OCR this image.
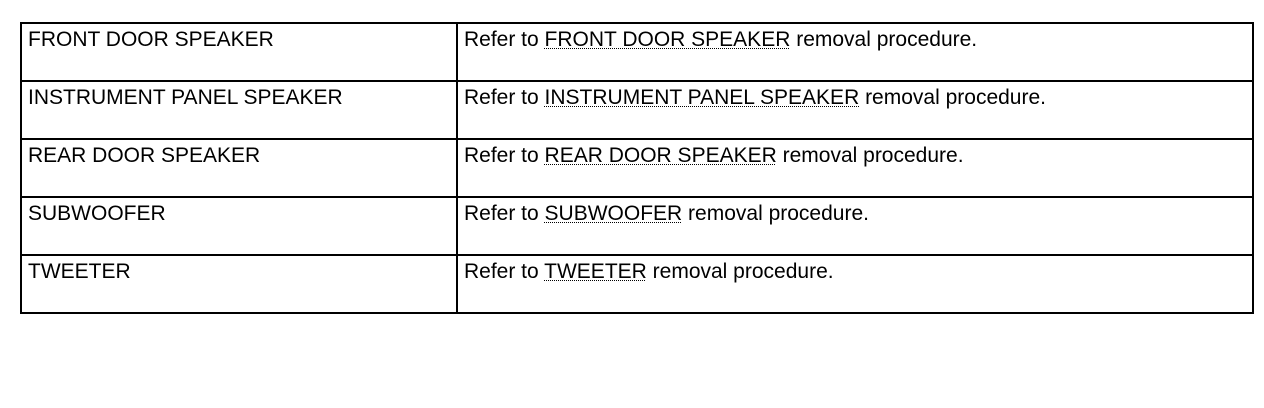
FRONT DOOR SPEAKER	Refer to FRONT DOOR SPEAKER removal procedure.
INSTRUMENT PANEL SPEAKER	Refer to INSTRUMENT PANEL SPEAKER removal procedure.
REAR DOOR SPEAKER	Refer to REAR DOOR SPEAKER removal procedure.
SUBWOOFER	Refer to SUBWOOFER removal procedure.
TWEETER	Refer to TWEETER removal procedure.
